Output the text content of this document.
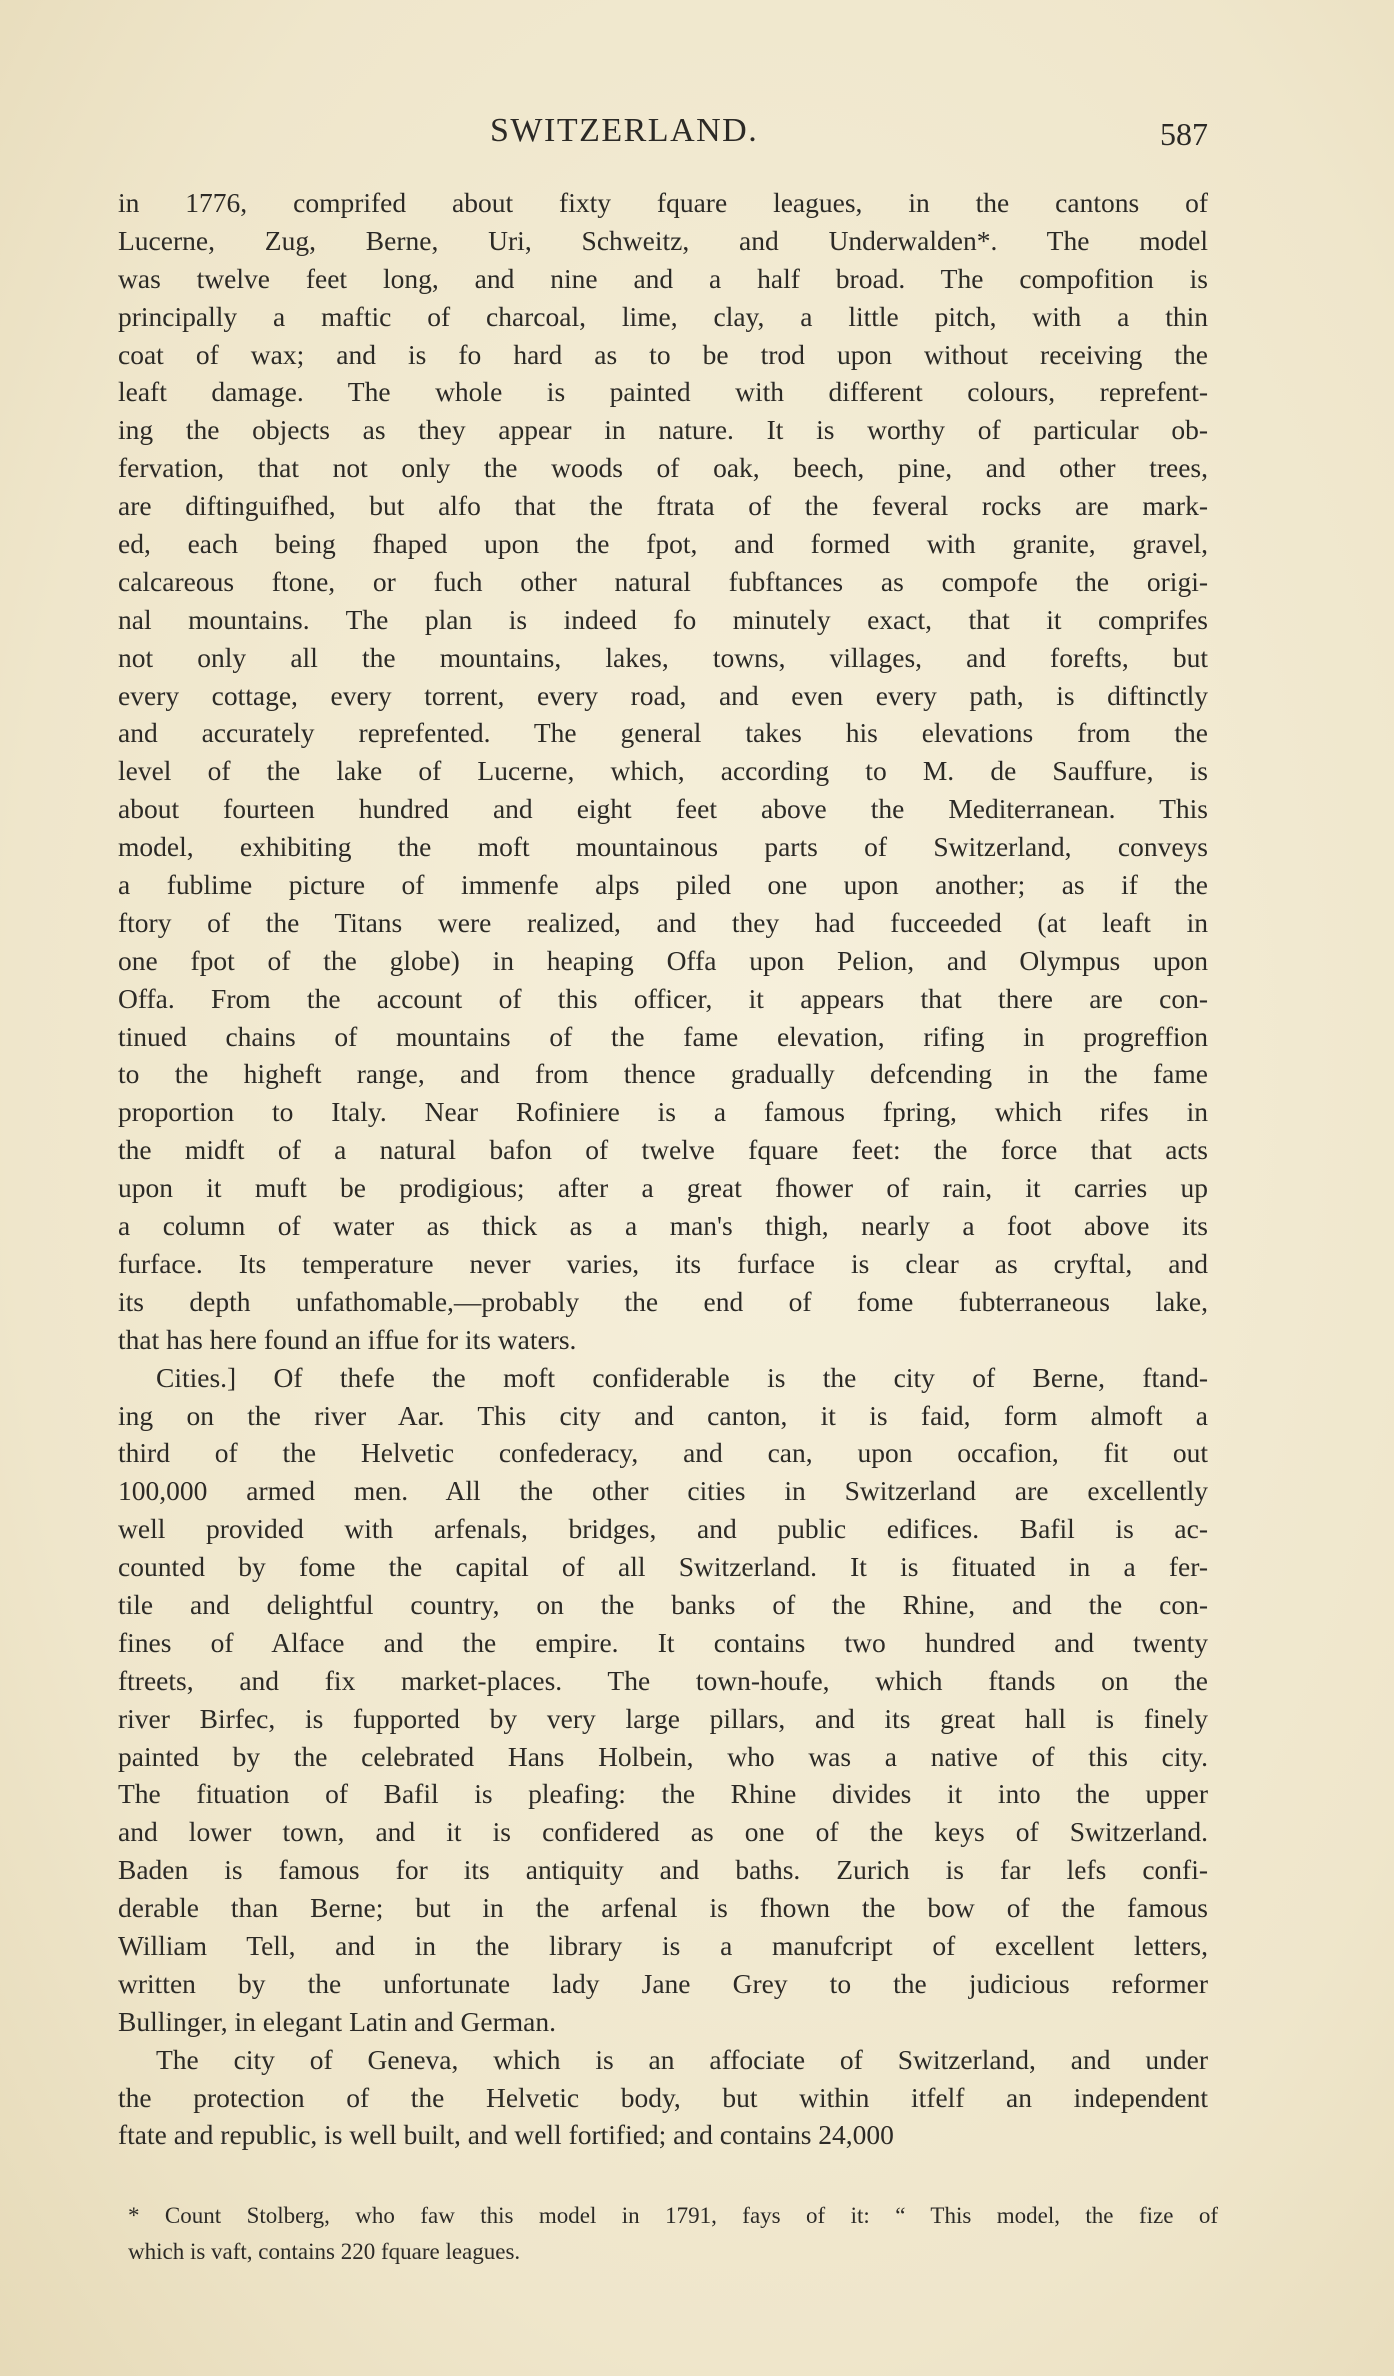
SWITZERLAND.	587
in 1776, comprifed about fixty fquare leagues, in the cantons of
Lucerne, Zug, Berne, Uri, Schweitz, and Underwalden*. The model
was twelve feet long, and nine and a half broad. The compofition is
principally a maftic of charcoal, lime, clay, a little pitch, with a thin
coat of wax; and is fo hard as to be trod upon without receiving the
leaft damage. The whole is painted with different colours, reprefent-
ing the objects as they appear in nature. It is worthy of particular ob-
fervation, that not only the woods of oak, beech, pine, and other trees,
are diftinguifhed, but alfo that the ftrata of the feveral rocks are mark-
ed, each being fhaped upon the fpot, and formed with granite, gravel,
calcareous ftone, or fuch other natural fubftances as compofe the origi-
nal mountains. The plan is indeed fo minutely exact, that it comprifes
not only all the mountains, lakes, towns, villages, and forefts, but
every cottage, every torrent, every road, and even every path, is diftinctly
and accurately reprefented. The general takes his elevations from the
level of the lake of Lucerne, which, according to M. de Sauffure, is
about fourteen hundred and eight feet above the Mediterranean. This
model, exhibiting the moft mountainous parts of Switzerland, conveys
a fublime picture of immenfe alps piled one upon another; as if the
ftory of the Titans were realized, and they had fucceeded (at leaft in
one fpot of the globe) in heaping Offa upon Pelion, and Olympus upon
Offa. From the account of this officer, it appears that there are con-
tinued chains of mountains of the fame elevation, rifing in progreffion
to the higheft range, and from thence gradually defcending in the fame
proportion to Italy. Near Rofiniere is a famous fpring, which rifes in
the midft of a natural bafon of twelve fquare feet: the force that acts
upon it muft be prodigious; after a great fhower of rain, it carries up
a column of water as thick as a man's thigh, nearly a foot above its
furface. Its temperature never varies, its furface is clear as cryftal, and
its depth unfathomable,—probably the end of fome fubterraneous lake,
that has here found an iffue for its waters.
Cities.] Of thefe the moft confiderable is the city of Berne, ftand-
ing on the river Aar. This city and canton, it is faid, form almoft a
third of the Helvetic confederacy, and can, upon occafion, fit out
100,000 armed men. All the other cities in Switzerland are excellently
well provided with arfenals, bridges, and public edifices. Bafil is ac-
counted by fome the capital of all Switzerland. It is fituated in a fer-
tile and delightful country, on the banks of the Rhine, and the con-
fines of Alface and the empire. It contains two hundred and twenty
ftreets, and fix market-places. The town-houfe, which ftands on the
river Birfec, is fupported by very large pillars, and its great hall is finely
painted by the celebrated Hans Holbein, who was a native of this city.
The fituation of Bafil is pleafing: the Rhine divides it into the upper
and lower town, and it is confidered as one of the keys of Switzerland.
Baden is famous for its antiquity and baths. Zurich is far lefs confi-
derable than Berne; but in the arfenal is fhown the bow of the famous
William Tell, and in the library is a manufcript of excellent letters,
written by the unfortunate lady Jane Grey to the judicious reformer
Bullinger, in elegant Latin and German.
The city of Geneva, which is an affociate of Switzerland, and under
the protection of the Helvetic body, but within itfelf an independent
ftate and republic, is well built, and well fortified; and contains 24,000
* Count Stolberg, who faw this model in 1791, fays of it: “ This model, the fize of
which is vaft, contains 220 fquare leagues.
